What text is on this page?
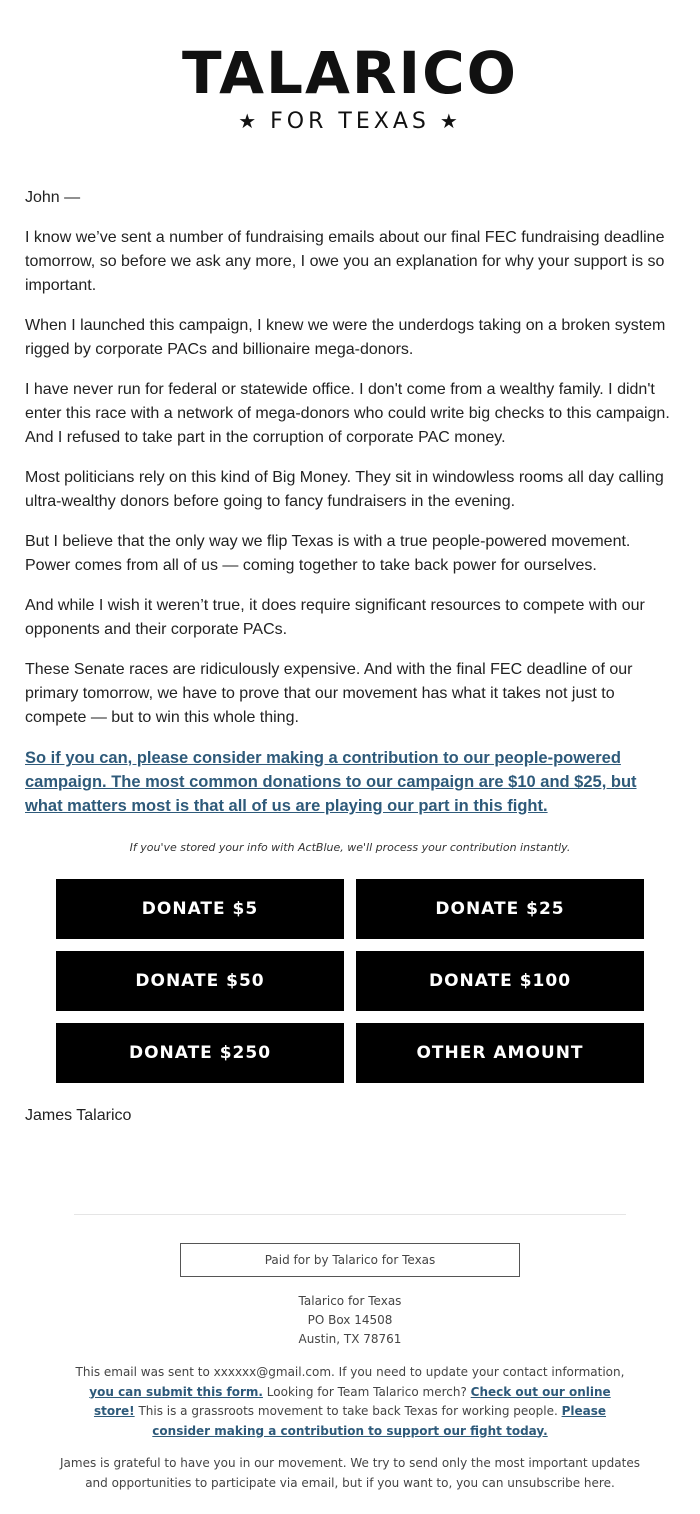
TALARICO
★ FOR TEXAS ★

John —

I know we’ve sent a number of fundraising emails about our final FEC fundraising deadline tomorrow, so before we ask any more, I owe you an explanation for why your support is so important.

When I launched this campaign, I knew we were the underdogs taking on a broken system rigged by corporate PACs and billionaire mega-donors.

I have never run for federal or statewide office. I don't come from a wealthy family. I didn't enter this race with a network of mega-donors who could write big checks to this campaign. And I refused to take part in the corruption of corporate PAC money.

Most politicians rely on this kind of Big Money. They sit in windowless rooms all day calling ultra-wealthy donors before going to fancy fundraisers in the evening.

But I believe that the only way we flip Texas is with a true people-powered movement. Power comes from all of us — coming together to take back power for ourselves.

And while I wish it weren’t true, it does require significant resources to compete with our opponents and their corporate PACs.

These Senate races are ridiculously expensive. And with the final FEC deadline of our primary tomorrow, we have to prove that our movement has what it takes not just to compete — but to win this whole thing.

So if you can, please consider making a contribution to our people-powered campaign. The most common donations to our campaign are $10 and $25, but what matters most is that all of us are playing our part in this fight.
If you've stored your info with ActBlue, we'll process your contribution instantly.
DONATE $5	DONATE $25
DONATE $50	DONATE $100
DONATE $250	OTHER AMOUNT
James Talarico
Paid for by Talarico for Texas
Talarico for Texas
PO Box 14508
Austin, TX 78761
This email was sent to xxxxxx@gmail.com. If you need to update your contact information, you can submit this form. Looking for Team Talarico merch? Check out our online store! This is a grassroots movement to take back Texas for working people. Please consider making a contribution to support our fight today.
James is grateful to have you in our movement. We try to send only the most important updates and opportunities to participate via email, but if you want to, you can unsubscribe here.
